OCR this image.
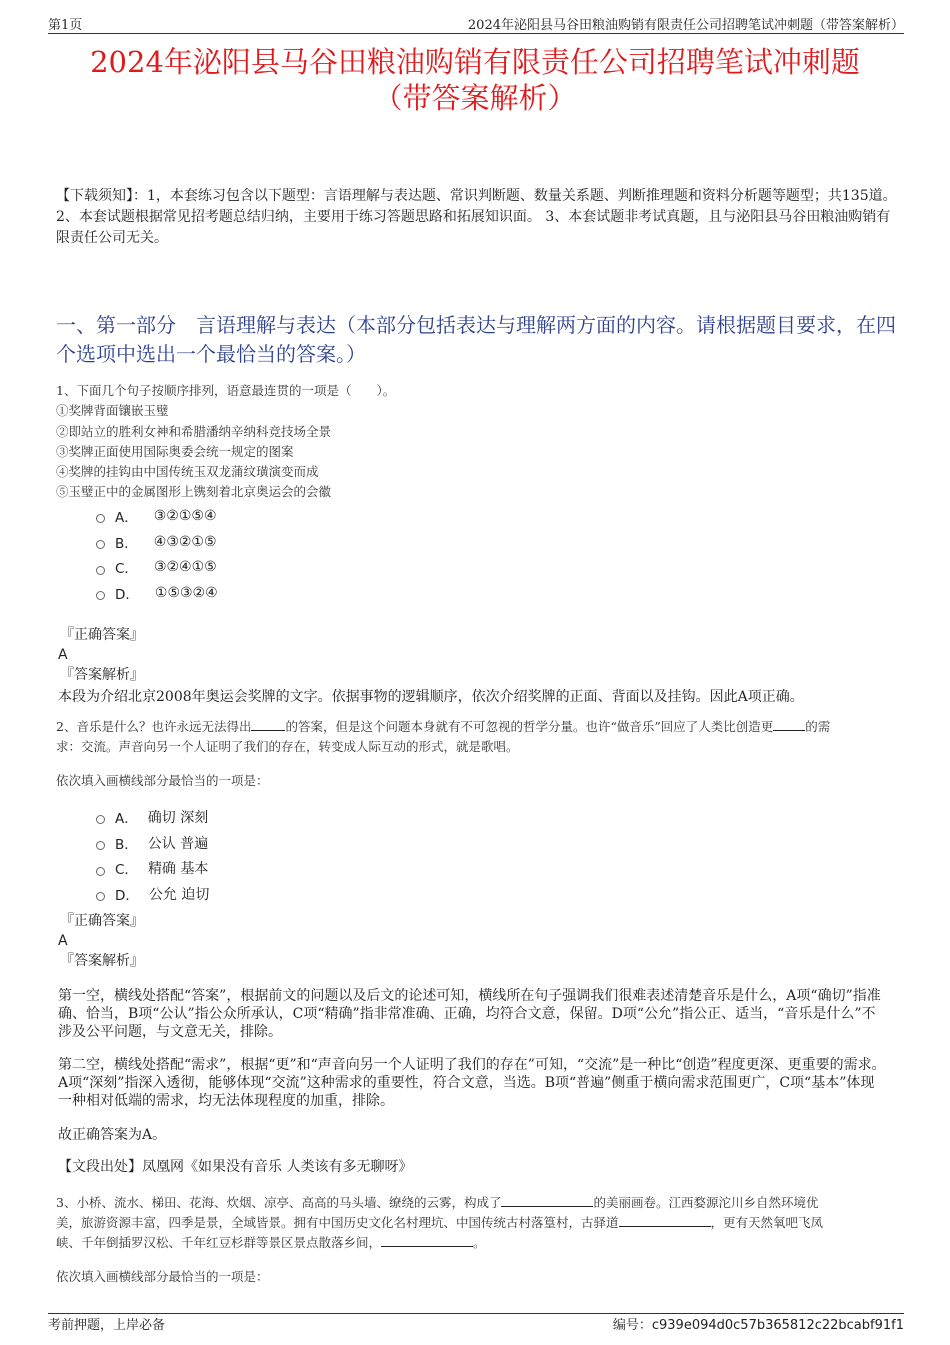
第1页	2024年泌阳县马谷田粮油购销有限责任公司招聘笔试冲刺题（带答案解析）
2024年泌阳县马谷田粮油购销有限责任公司招聘笔试冲刺题
（带答案解析）
【下载须知】：1，本套练习包含以下题型：言语理解与表达题、常识判断题、数量关系题、判断推理题和资料分析题等题型；共135道。 2、本套试题根据常见招考题总结归纳，主要用于练习答题思路和拓展知识面。 3、本套试题非考试真题，且与泌阳县马谷田粮油购销有限责任公司无关。
一、第一部分 言语理解与表达（本部分包括表达与理解两方面的内容。请根据题目要求，在四个选项中选出一个最恰当的答案。）
1、下面几个句子按顺序排列，语意最连贯的一项是（　　）。
①奖牌背面镶嵌玉璧
②即站立的胜利女神和希腊潘纳辛纳科竞技场全景
③奖牌正面使用国际奥委会统一规定的图案
④奖牌的挂钩由中国传统玉双龙蒲纹璜演变而成
⑤玉璧正中的金属图形上镌刻着北京奥运会的会徽
A． ③②①⑤④
B． ④③②①⑤
C． ③②④①⑤
D． ①⑤③②④
『正确答案』
A
『答案解析』
本段为介绍北京2008年奥运会奖牌的文字。依据事物的逻辑顺序，依次介绍奖牌的正面、背面以及挂钩。因此A项正确。
2、音乐是什么？也许永远无法得出	的答案，但是这个问题本身就有不可忽视的哲学分量。也许“做音乐”回应了人类比创造更	的需
求：交流。声音向另一个人证明了我们的存在，转变成人际互动的形式，就是歌唱。
依次填入画横线部分最恰当的一项是：
A． 确切 深刻
B． 公认 普遍
C． 精确 基本
D． 公允 迫切
『正确答案』
A
『答案解析』
第一空，横线处搭配“答案”，根据前文的问题以及后文的论述可知，横线所在句子强调我们很难表述清楚音乐是什么，A项“确切”指准确、恰当，B项“公认”指公众所承认，C项“精确”指非常准确、正确，均符合文意，保留。D项“公允”指公正、适当，“音乐是什么”不涉及公平问题，与文意无关，排除。
第二空，横线处搭配“需求”，根据“更”和“声音向另一个人证明了我们的存在”可知，“交流”是一种比“创造”程度更深、更重要的需求。A项“深刻”指深入透彻，能够体现“交流”这种需求的重要性，符合文意，当选。B项“普遍”侧重于横向需求范围更广，C项“基本”体现一种相对低端的需求，均无法体现程度的加重，排除。
故正确答案为A。
【文段出处】凤凰网《如果没有音乐 人类该有多无聊呀》
3、小桥、流水、梯田、花海、炊烟、凉亭、高高的马头墙、缭绕的云雾，构成了	的美丽画卷。江西婺源沱川乡自然环境优
美，旅游资源丰富，四季是景，全域皆景。拥有中国历史文化名村理坑、中国传统古村落篁村，古驿道	，更有天然氧吧飞凤
峡、千年倒插罗汉松、千年红豆杉群等景区景点散落乡间，	。
依次填入画横线部分最恰当的一项是：
考前押题，上岸必备	编号：c939e094d0c57b365812c22bcabf91f1
